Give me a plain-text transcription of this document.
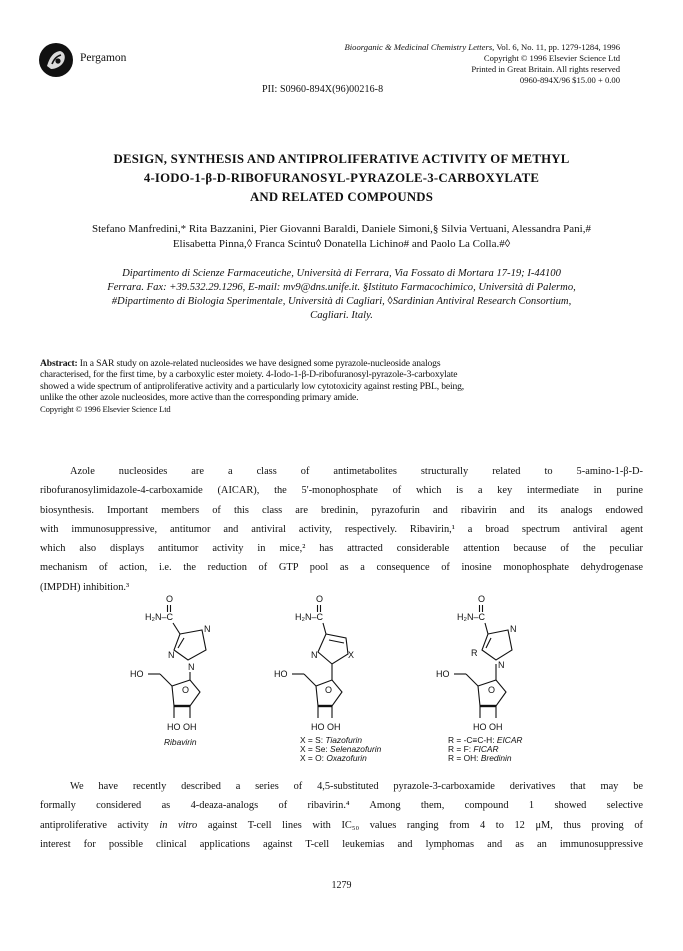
Pergamon
Bioorganic & Medicinal Chemistry Letters, Vol. 6, No. 11, pp. 1279-1284, 1996
Copyright © 1996 Elsevier Science Ltd
Printed in Great Britain. All rights reserved
0960-894X/96 $15.00 + 0.00
PII: S0960-894X(96)00216-8
DESIGN, SYNTHESIS AND ANTIPROLIFERATIVE ACTIVITY OF METHYL
4-IODO-1-β-D-RIBOFURANOSYL-PYRAZOLE-3-CARBOXYLATE
AND RELATED COMPOUNDS
Stefano Manfredini,* Rita Bazzanini, Pier Giovanni Baraldi, Daniele Simoni,§ Silvia Vertuani, Alessandra Pani,#
Elisabetta Pinna,◊ Franca Scintu◊ Donatella Lichino# and Paolo La Colla.#◊
Dipartimento di Scienze Farmaceutiche, Università di Ferrara, Via Fossato di Mortara 17-19; I-44100
Ferrara. Fax: +39.532.29.1296, E-mail: mv9@dns.unife.it. §Istituto Farmacochimico, Università di Palermo,
#Dipartimento di Biologia Sperimentale, Università di Cagliari, ◊Sardinian Antiviral Research Consortium,
Cagliari. Italy.
Abstract: In a SAR study on azole-related nucleosides we have designed some pyrazole-nucleoside analogs
characterised, for the first time, by a carboxylic ester moiety. 4-Iodo-1-β-D-ribofuranosyl-pyrazole-3-carboxylate
showed a wide spectrum of antiproliferative activity and a particularly low cytotoxicity against resting PBL, being,
unlike the other azole nucleosides, more active than the corresponding primary amide.
Copyright © 1996 Elsevier Science Ltd
Azole nucleosides are a class of antimetabolites structurally related to 5-amino-1-β-D-
ribofuranosylimidazole-4-carboxamide (AICAR), the 5'-monophosphate of which is a key intermediate in purine
biosynthesis. Important members of this class are bredinin, pyrazofurin and ribavirin and its analogs endowed
with immunosuppressive, antitumor and antiviral activity, respectively. Ribavirin,¹ a broad spectrum antiviral agent
which also displays antitumor activity in mice,² has attracted considerable attention because of the peculiar
mechanism of action, i.e. the reduction of GTP pool as a consequence of inosine monophosphate dehydrogenase
(IMPDH) inhibition.³
O
H₂N–C
N
N
N
O
HO
HO OH
Ribavirin
O
H₂N–C
N	X
O
HO
HO OH
X = S: Tiazofurin
X = Se: Selenazofurin
X = O: Oxazofurin
O
H₂N–C
N
R
N
O
HO
HO OH
R = -C≡C-H: EICAR
R = F: FICAR
R = OH: Bredinin
We have recently described a series of 4,5-substituted pyrazole-3-carboxamide derivatives that may be
formally considered as 4-deaza-analogs of ribavirin.⁴ Among them, compound 1 showed selective
antiproliferative activity in vitro against T-cell lines with IC₅₀ values ranging from 4 to 12 μM, thus proving of
interest for possible clinical applications against T-cell leukemias and lymphomas and as an immunosuppressive
1279
